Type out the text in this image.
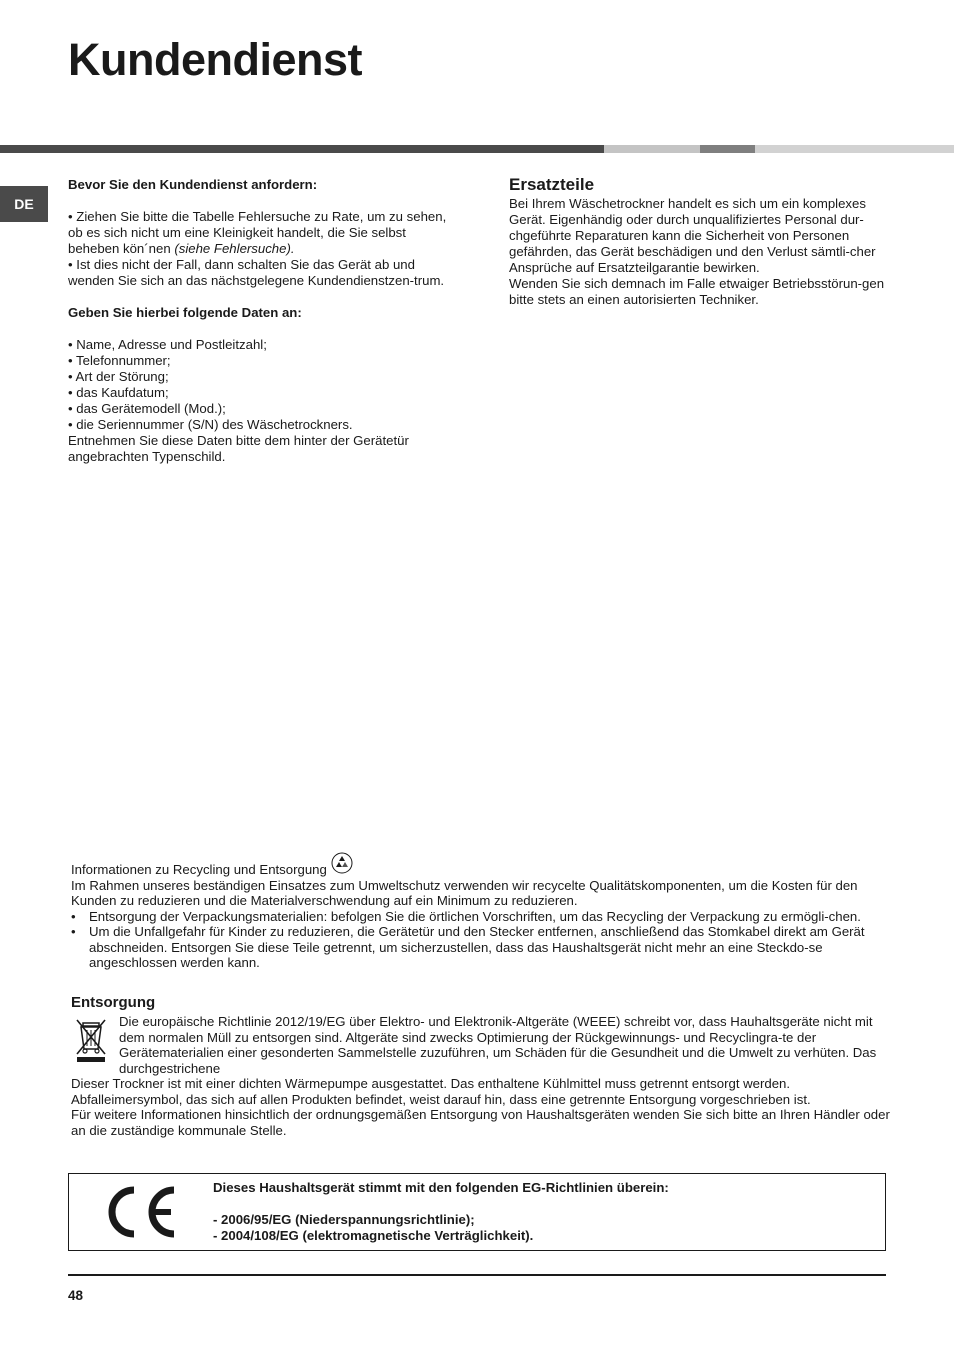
Kundendienst
DE

Bevor Sie den Kundendienst anfordern:

• Ziehen Sie bitte die Tabelle Fehlersuche zu Rate, um zu sehen, ob es sich nicht um eine Kleinigkeit handelt, die Sie selbst beheben kön´nen (siehe Fehlersuche).

• Ist dies nicht der Fall, dann schalten Sie das Gerät ab und wenden Sie sich an das nächstgelegene Kundendienstzen-trum.

Geben Sie hierbei folgende Daten an:

• Name, Adresse und Postleitzahl;
• Telefonnummer;
• Art der Störung;
• das Kaufdatum;
• das Gerätemodell (Mod.);
• die Seriennummer (S/N) des Wäschetrockners.

Entnehmen Sie diese Daten bitte dem hinter der Gerätetür angebrachten Typenschild.

Ersatzteile

Bei Ihrem Wäschetrockner handelt es sich um ein komplexes Gerät. Eigenhändig oder durch unqualifiziertes Personal dur-chgeführte Reparaturen kann die Sicherheit von Personen gefährden, das Gerät beschädigen und den Verlust sämtli-cher Ansprüche auf Ersatzteilgarantie bewirken.

Wenden Sie sich demnach im Falle etwaiger Betriebsstörun-gen bitte stets an einen autorisierten Techniker.

Informationen zu Recycling und Entsorgung

Im Rahmen unseres beständigen Einsatzes zum Umweltschutz verwenden wir recycelte Qualitätskomponenten, um die Kosten für den Kunden zu reduzieren und die Materialverschwendung auf ein Minimum zu reduzieren.

• Entsorgung der Verpackungsmaterialien: befolgen Sie die örtlichen Vorschriften, um das Recycling der Verpackung zu ermögli-chen.
• Um die Unfallgefahr für Kinder zu reduzieren, die Gerätetür und den Stecker entfernen, anschließend das Stomkabel direkt am Gerät abschneiden. Entsorgen Sie diese Teile getrennt, um sicherzustellen, dass das Haushaltsgerät nicht mehr an eine Steckdo-se angeschlossen werden kann.

Entsorgung

Die europäische Richtlinie 2012/19/EG über Elektro- und Elektronik-Altgeräte (WEEE) schreibt vor, dass Hauhaltsgeräte nicht mit dem normalen Müll zu entsorgen sind. Altgeräte sind zwecks Optimierung der Rückgewinnungs- und Recyclingra-te der Gerätematerialien einer gesonderten Sammelstelle zuzuführen, um Schäden für die Gesundheit und die Umwelt zu verhüten. Das durchgestrichene

Dieser Trockner ist mit einer dichten Wärmepumpe ausgestattet. Das enthaltene Kühlmittel muss getrennt entsorgt werden.

Abfalleimersymbol, das sich auf allen Produkten befindet, weist darauf hin, dass eine getrennte Entsorgung vorgeschrieben ist.

Für weitere Informationen hinsichtlich der ordnungsgemäßen Entsorgung von Haushaltsgeräten wenden Sie sich bitte an Ihren Händler oder an die zuständige kommunale Stelle.

Dieses Haushaltsgerät stimmt mit den folgenden EG-Richtlinien überein:

- 2006/95/EG (Niederspannungsrichtlinie);

- 2004/108/EG (elektromagnetische Verträglichkeit).

48
